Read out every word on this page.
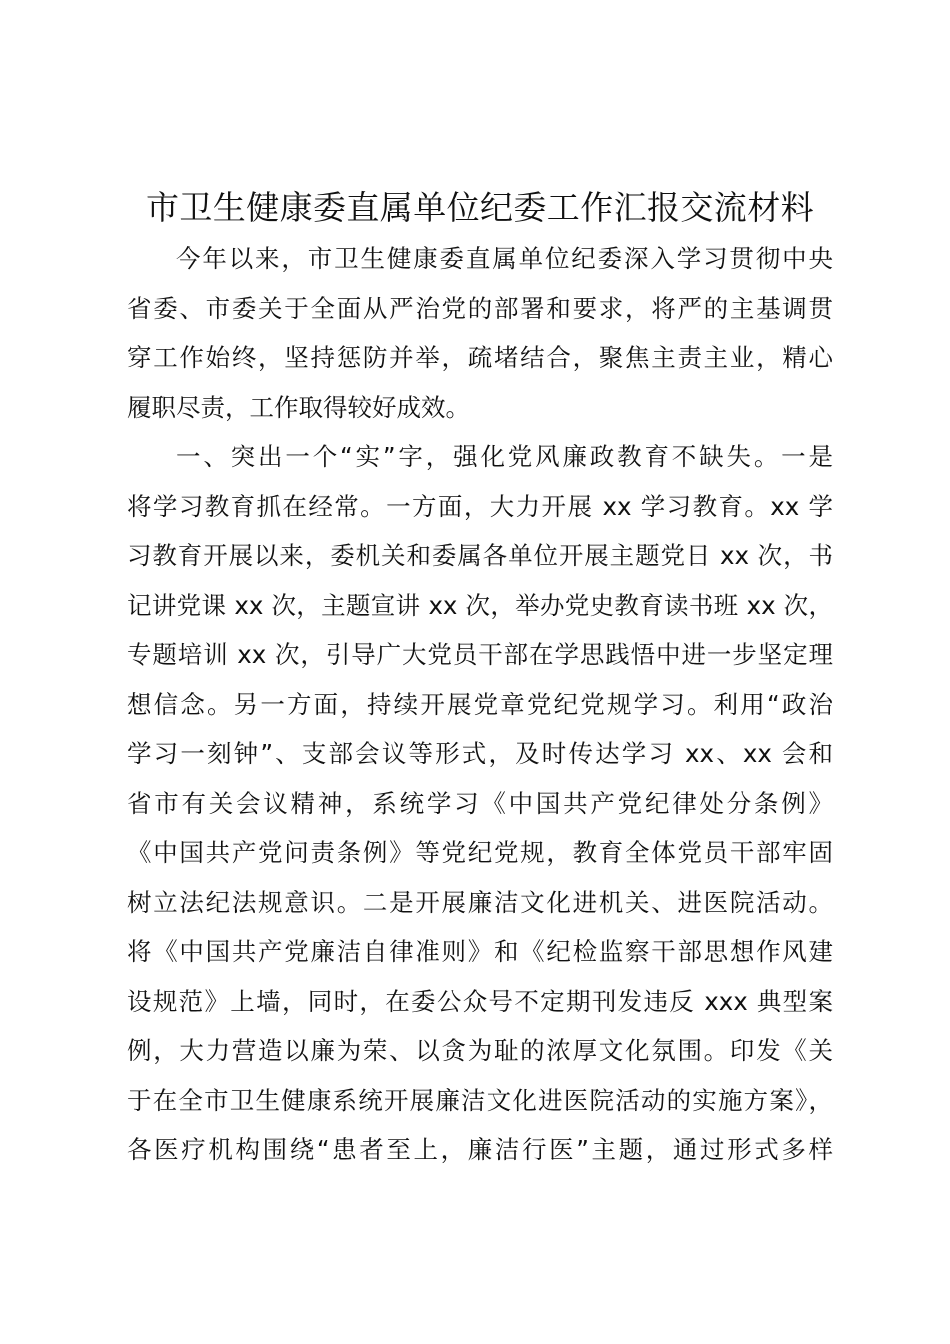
市卫生健康委直属单位纪委工作汇报交流材料
今年以来，市卫生健康委直属单位纪委深入学习贯彻中央
省委、市委关于全面从严治党的部署和要求，将严的主基调贯
穿工作始终，坚持惩防并举，疏堵结合，聚焦主责主业，精心
履职尽责，工作取得较好成效。
一、突出一个“实”字，强化党风廉政教育不缺失。一是
将学习教育抓在经常。一方面，大力开展 xx 学习教育。xx 学
习教育开展以来，委机关和委属各单位开展主题党日 xx 次，书
记讲党课 xx 次，主题宣讲 xx 次，举办党史教育读书班 xx 次，
专题培训 xx 次，引导广大党员干部在学思践悟中进一步坚定理
想信念。另一方面，持续开展党章党纪党规学习。利用“政治
学习一刻钟”、支部会议等形式，及时传达学习 xx、xx 会和
省市有关会议精神，系统学习《中国共产党纪律处分条例》
《中国共产党问责条例》等党纪党规，教育全体党员干部牢固
树立法纪法规意识。二是开展廉洁文化进机关、进医院活动。
将《中国共产党廉洁自律准则》和《纪检监察干部思想作风建
设规范》上墙，同时，在委公众号不定期刊发违反 xxx 典型案
例，大力营造以廉为荣、以贪为耻的浓厚文化氛围。印发《关
于在全市卫生健康系统开展廉洁文化进医院活动的实施方案》，
各医疗机构围绕“患者至上，廉洁行医”主题，通过形式多样
